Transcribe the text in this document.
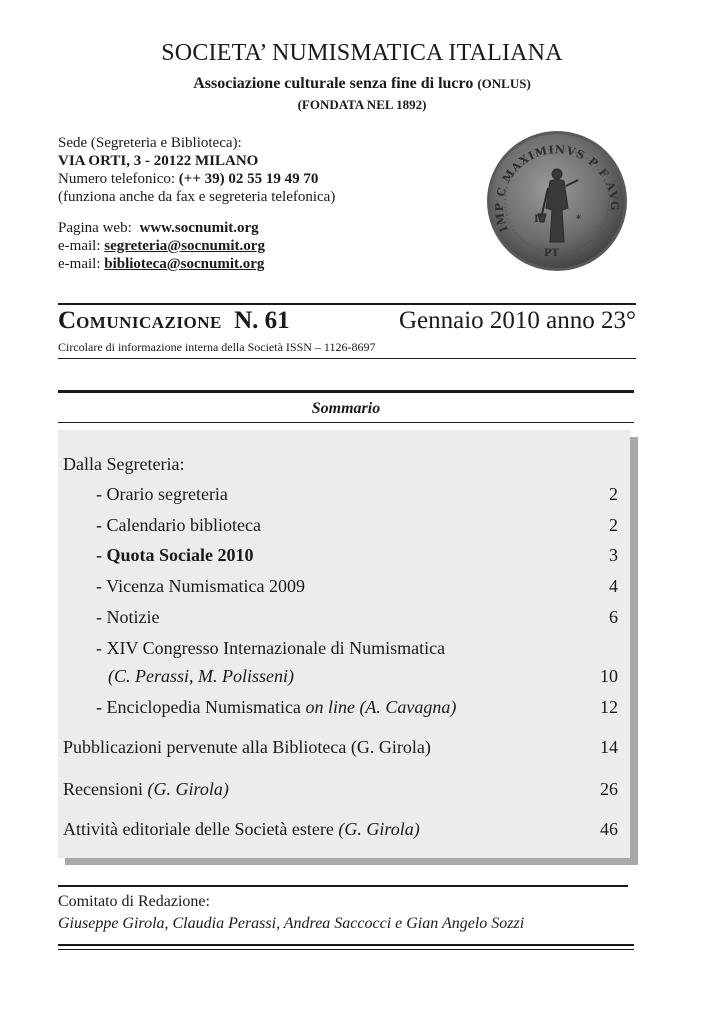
SOCIETA’ NUMISMATICA ITALIANA
Associazione culturale senza fine di lucro (ONLUS)
(FONDATA NEL 1892)
Sede (Segreteria e Biblioteca):
VIA ORTI, 3 - 20122 MILANO
Numero telefonico: (++ 39) 02 55 19 49 70
(funziona anche da fax e segreteria telefonica)
Pagina web: www.socnumit.org
e-mail: segreteria@socnumit.org
e-mail: biblioteca@socnumit.org
IMP C MAXIMINVS P F AVG
PT
Γ	*
COMUNICAZIONE N. 61	Gennaio 2010 anno 23°
Circolare di informazione interna della Società ISSN – 1126-8697
Sommario
Dalla Segreteria:
- Orario segreteria	2
- Calendario biblioteca	2
- Quota Sociale 2010	3
- Vicenza Numismatica 2009	4
- Notizie	6
- XIV Congresso Internazionale di Numismatica
(C. Perassi, M. Polisseni)	10
- Enciclopedia Numismatica on line (A. Cavagna)	12
Pubblicazioni pervenute alla Biblioteca (G. Girola)	14
Recensioni (G. Girola)	26
Attività editoriale delle Società estere (G. Girola)	46
Comitato di Redazione:
Giuseppe Girola, Claudia Perassi, Andrea Saccocci e Gian Angelo Sozzi
